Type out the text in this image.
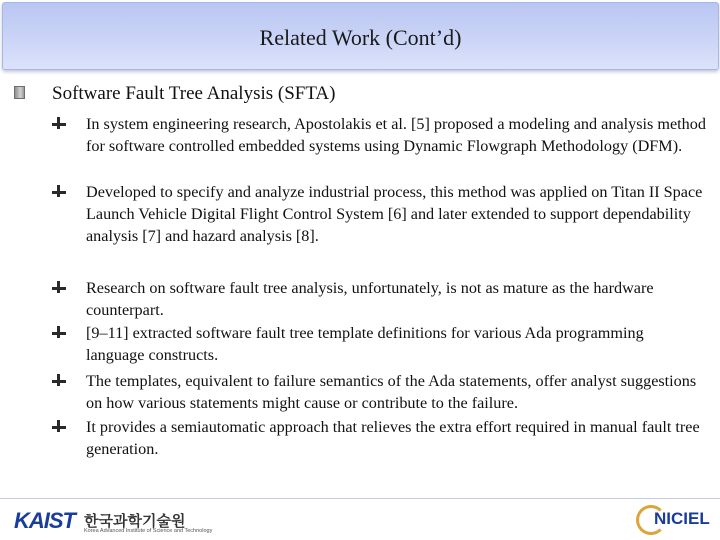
Related Work (Cont’d)
Software Fault Tree Analysis (SFTA)
In system engineering research, Apostolakis et al. [5] proposed a modeling and analysis method for software controlled embedded systems using Dynamic Flowgraph Methodology (DFM).
Developed to specify and analyze industrial process, this method was applied on Titan II Space Launch Vehicle Digital Flight Control System [6] and later extended to support dependability analysis [7] and hazard analysis [8].
Research on software fault tree analysis, unfortunately, is not as mature as the hardware counterpart.
[9–11] extracted software fault tree template definitions for various Ada programming language constructs.
The templates, equivalent to failure semantics of the Ada statements, offer analyst suggestions on how various statements might cause or contribute to the failure.
It provides a semiautomatic approach that relieves the extra effort required in manual fault tree generation.
KAIST 한국과학기술원
Korea Advanced Institute of Science and Technology
NICIEL
